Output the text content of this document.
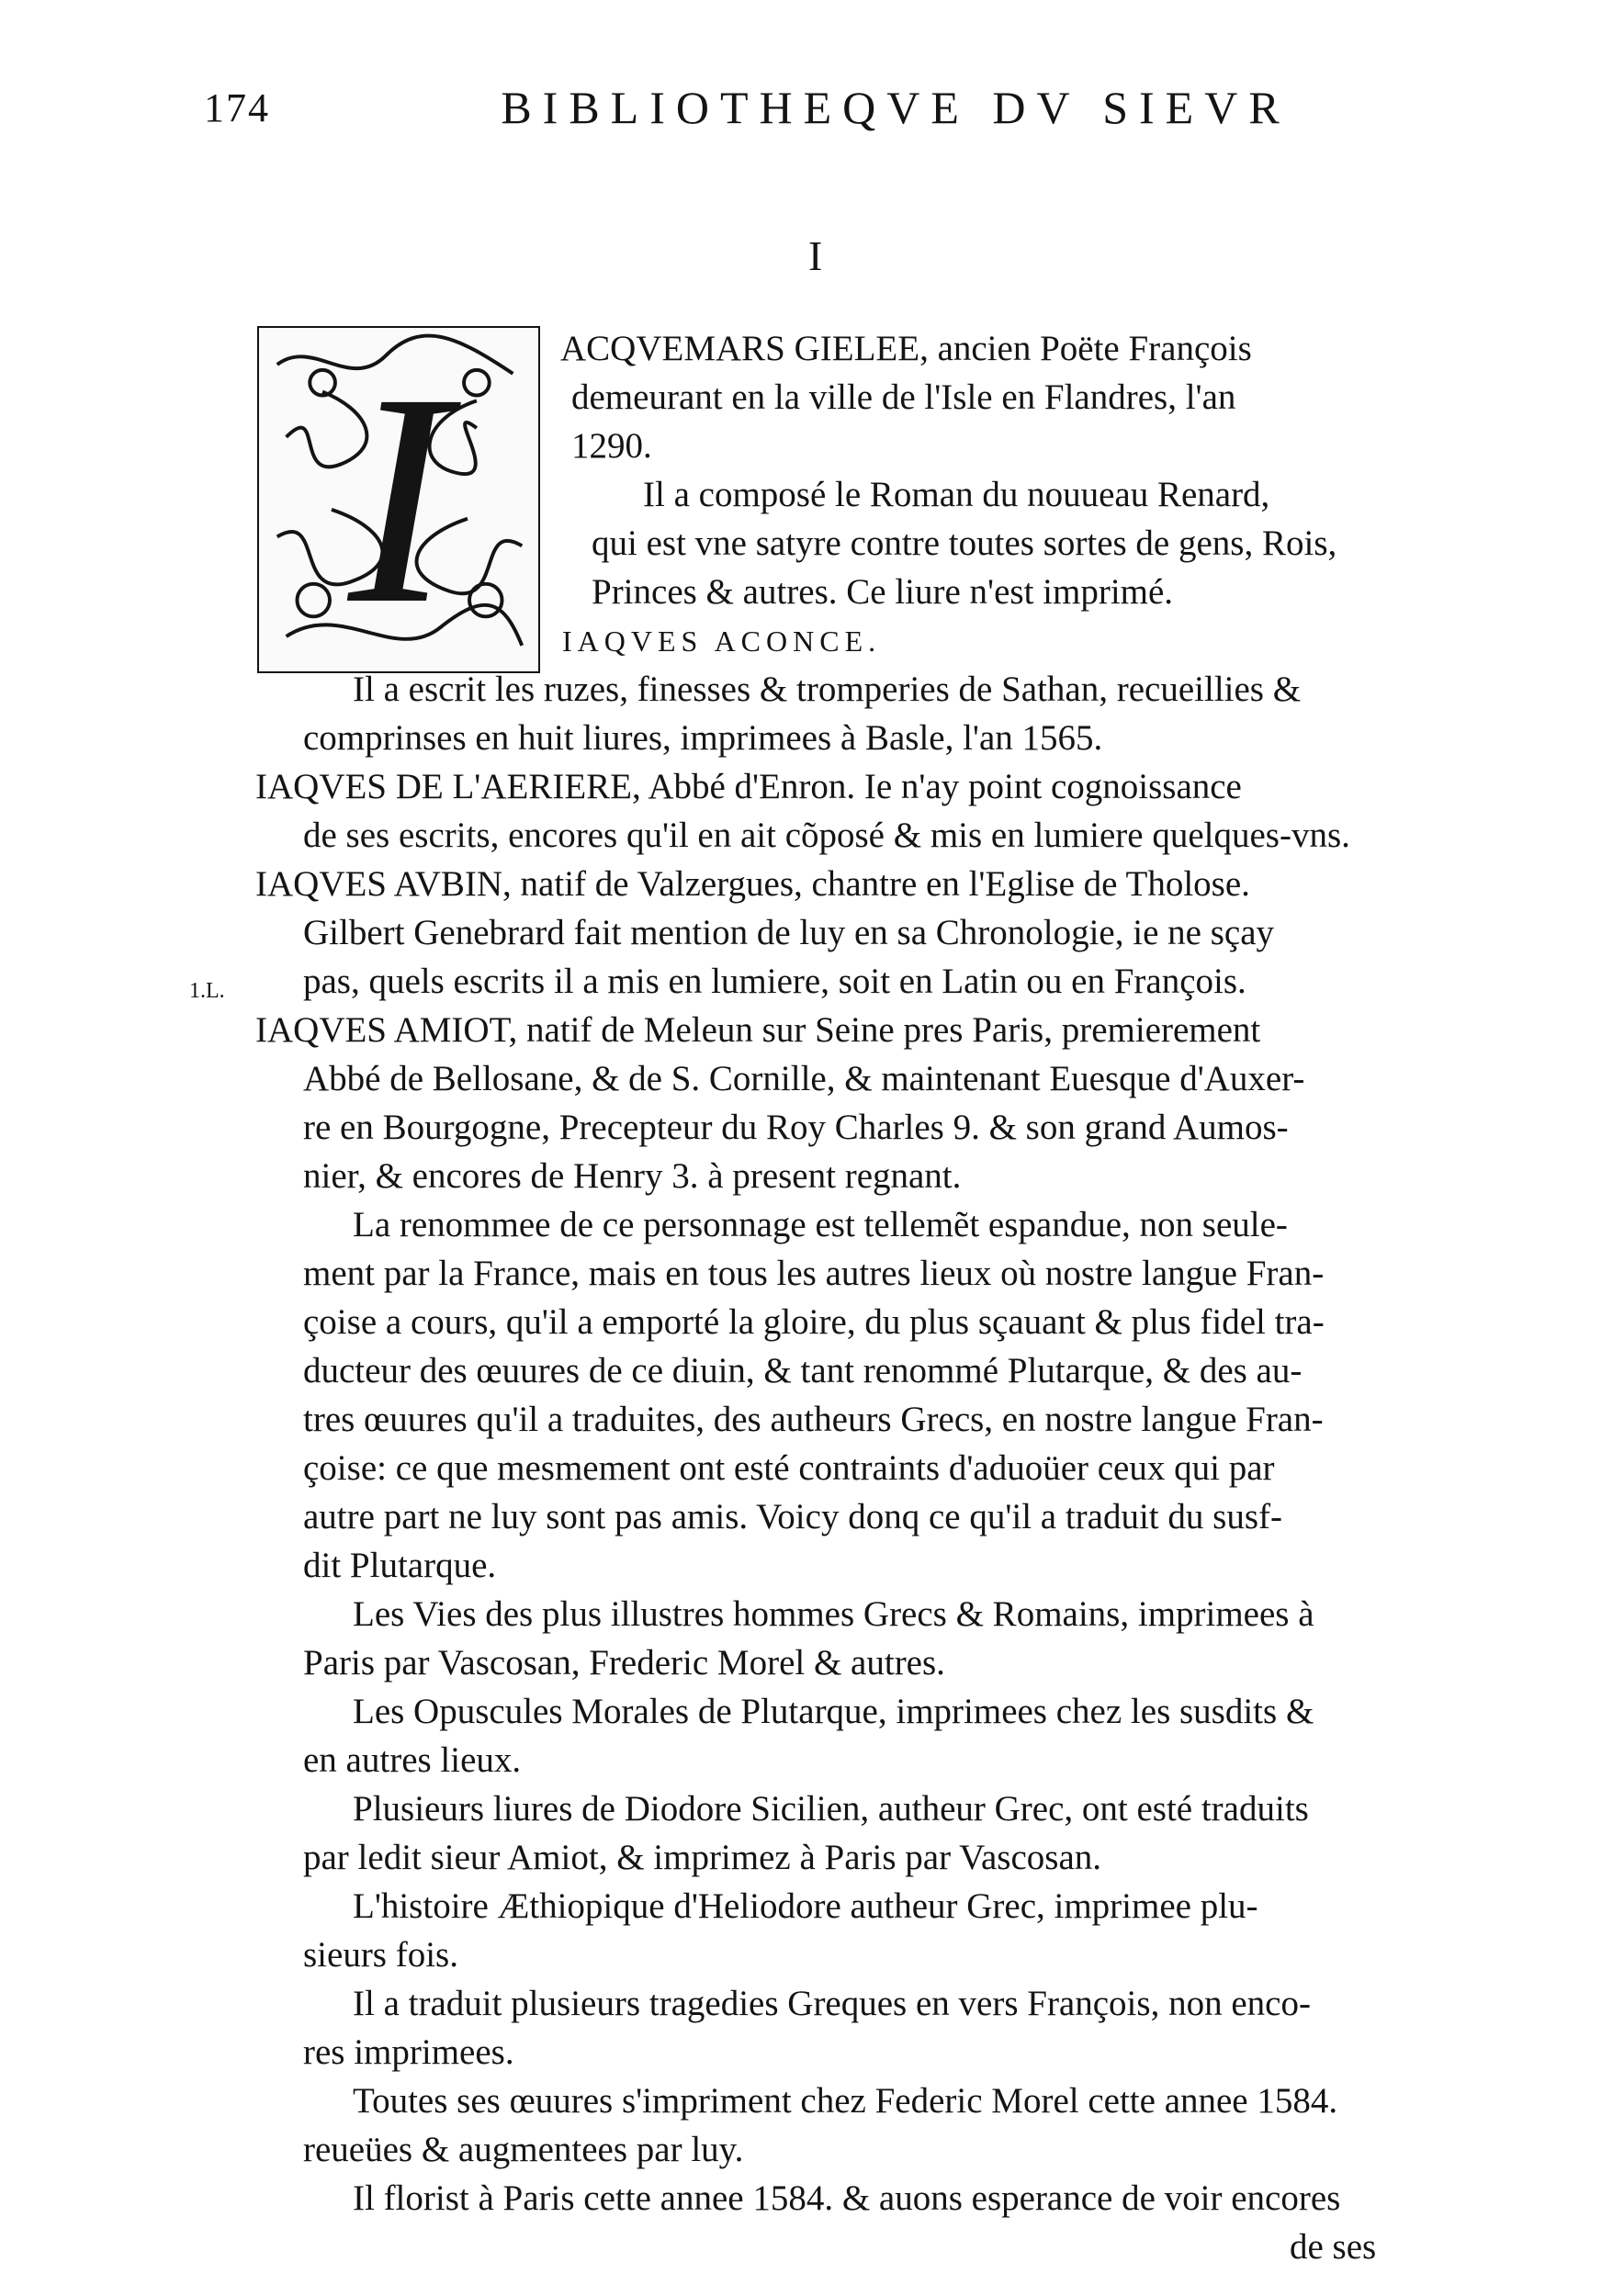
174	BIBLIOTHEQVE DV SIEVR
I
I
1.L.
ACQVEMARS GIELEE, ancien Poëte François
demeurant en la ville de l'Isle en Flandres, l'an
1290.
Il a composé le Roman du nouueau Renard,
qui est vne satyre contre toutes sortes de gens, Rois,
Princes & autres. Ce liure n'est imprimé.
IAQVES ACONCE.
Il a escrit les ruzes, finesses & tromperies de Sathan, recueillies &
comprinses en huit liures, imprimees à Basle, l'an 1565.
IAQVES DE L'AERIERE, Abbé d'Enron. Ie n'ay point cognoissance
de ses escrits, encores qu'il en ait cõposé & mis en lumiere quelques-vns.
IAQVES AVBIN, natif de Valzergues, chantre en l'Eglise de Tholose.
Gilbert Genebrard fait mention de luy en sa Chronologie, ie ne sçay
pas, quels escrits il a mis en lumiere, soit en Latin ou en François.
IAQVES AMIOT, natif de Meleun sur Seine pres Paris, premierement
Abbé de Bellosane, & de S. Cornille, & maintenant Euesque d'Auxer-
re en Bourgogne, Precepteur du Roy Charles 9. & son grand Aumos-
nier, & encores de Henry 3. à present regnant.
La renommee de ce personnage est tellemẽt espandue, non seule-
ment par la France, mais en tous les autres lieux où nostre langue Fran-
çoise a cours, qu'il a emporté la gloire, du plus sçauant & plus fidel tra-
ducteur des œuures de ce diuin, & tant renommé Plutarque, & des au-
tres œuures qu'il a traduites, des autheurs Grecs, en nostre langue Fran-
çoise: ce que mesmement ont esté contraints d'aduoüer ceux qui par
autre part ne luy sont pas amis. Voicy donq ce qu'il a traduit du susf-
dit Plutarque.
Les Vies des plus illustres hommes Grecs & Romains, imprimees à
Paris par Vascosan, Frederic Morel & autres.
Les Opuscules Morales de Plutarque, imprimees chez les susdits &
en autres lieux.
Plusieurs liures de Diodore Sicilien, autheur Grec, ont esté traduits
par ledit sieur Amiot, & imprimez à Paris par Vascosan.
L'histoire Æthiopique d'Heliodore autheur Grec, imprimee plu-
sieurs fois.
Il a traduit plusieurs tragedies Greques en vers François, non enco-
res imprimees.
Toutes ses œuures s'impriment chez Federic Morel cette annee 1584.
reueües & augmentees par luy.
Il florist à Paris cette annee 1584. & auons esperance de voir encores
de ses
